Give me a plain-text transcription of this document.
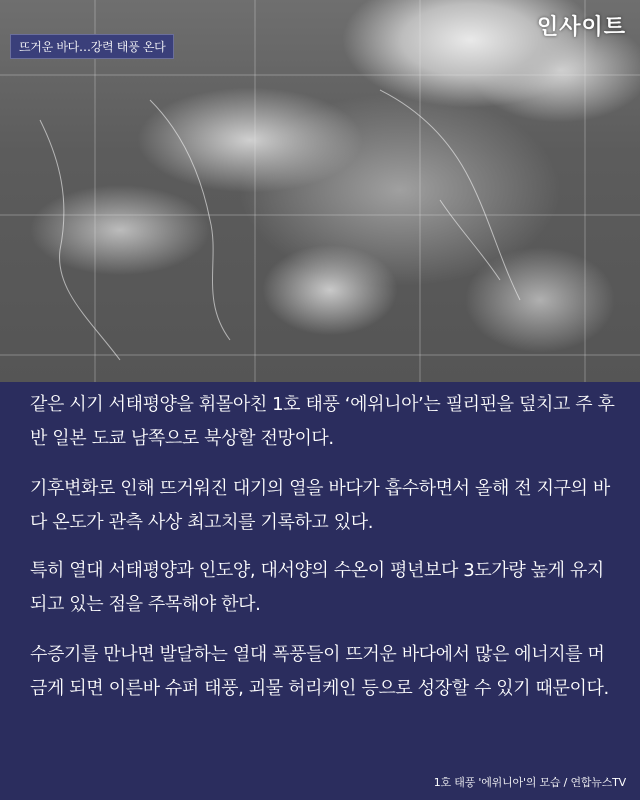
뜨거운 바다…강력 태풍 온다
인사이트

같은 시기 서태평양을 휘몰아친 1호 태풍 ‘에위니아’는 필리핀을 덮치고 주 후반 일본 도쿄 남쪽으로 북상할 전망이다.

기후변화로 인해 뜨거워진 대기의 열을 바다가 흡수하면서 올해 전 지구의 바다 온도가 관측 사상 최고치를 기록하고 있다.

특히 열대 서태평양과 인도양, 대서양의 수온이 평년보다 3도가량 높게 유지되고 있는 점을 주목해야 한다.

수증기를 만나면 발달하는 열대 폭풍들이 뜨거운 바다에서 많은 에너지를 머금게 되면 이른바 슈퍼 태풍, 괴물 허리케인 등으로 성장할 수 있기 때문이다.

1호 태풍 '에위니아'의 모습 / 연합뉴스TV
